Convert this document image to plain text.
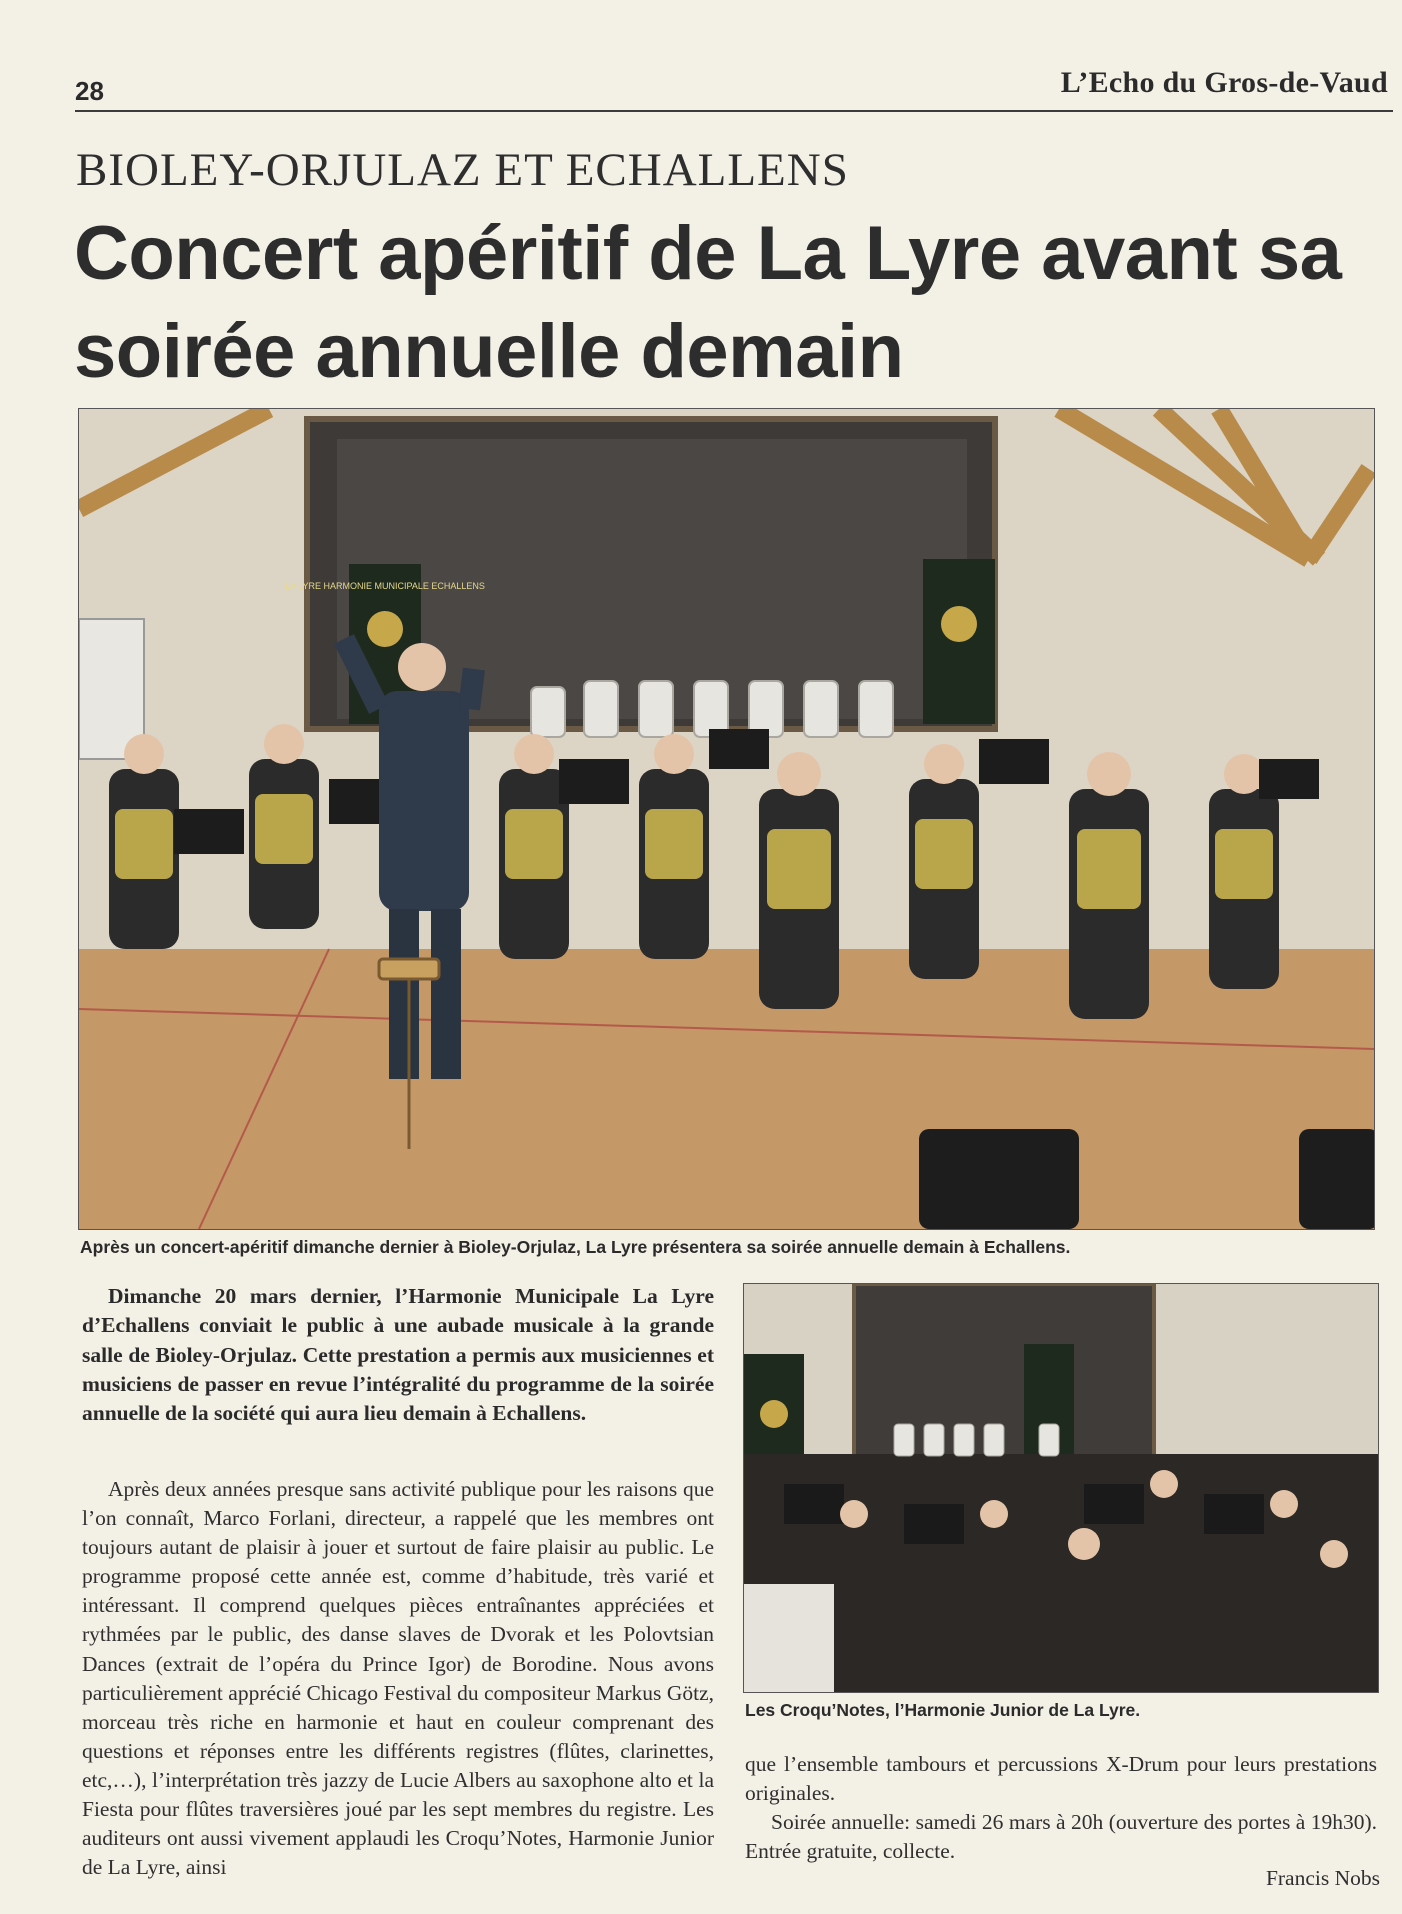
28	L’Echo du Gros-de-Vaud
BIOLEY-ORJULAZ ET ECHALLENS
Concert apéritif de La Lyre avant sa soirée annuelle demain
LA LYRE HARMONIE MUNICIPALE ECHALLENS
Après un concert-apéritif dimanche dernier à Bioley-Orjulaz, La Lyre présentera sa soirée annuelle demain à Echallens.
Dimanche 20 mars dernier, l’Harmonie Municipale La Lyre d’Echallens conviait le public à une aubade musicale à la grande salle de Bioley-Orjulaz. Cette prestation a permis aux musiciennes et musiciens de passer en revue l’intégralité du programme de la soirée annuelle de la société qui aura lieu demain à Echallens.
Après deux années presque sans activité publique pour les raisons que l’on connaît, Marco Forlani, directeur, a rappelé que les membres ont toujours autant de plaisir à jouer et surtout de faire plaisir au public. Le programme proposé cette année est, comme d’habitude, très varié et intéressant. Il comprend quelques pièces entraînantes appréciées et rythmées par le public, des danse slaves de Dvorak et les Polovtsian Dances (extrait de l’opéra du Prince Igor) de Borodine. Nous avons particulièrement apprécié Chicago Festival du compositeur Markus Götz, morceau très riche en harmonie et haut en couleur comprenant des questions et réponses entre les différents registres (flûtes, clarinettes, etc,…), l’interprétation très jazzy de Lucie Albers au saxophone alto et la Fiesta pour flûtes traversières joué par les sept membres du registre. Les auditeurs ont aussi vivement applaudi les Croqu’Notes, Harmonie Junior de La Lyre, ainsi
Les Croqu’Notes, l’Harmonie Junior de La Lyre.

que l’ensemble tambours et percussions X-Drum pour leurs prestations originales.

Soirée annuelle: samedi 26 mars à 20h (ouverture des portes à 19h30). Entrée gratuite, collecte.

Francis Nobs
